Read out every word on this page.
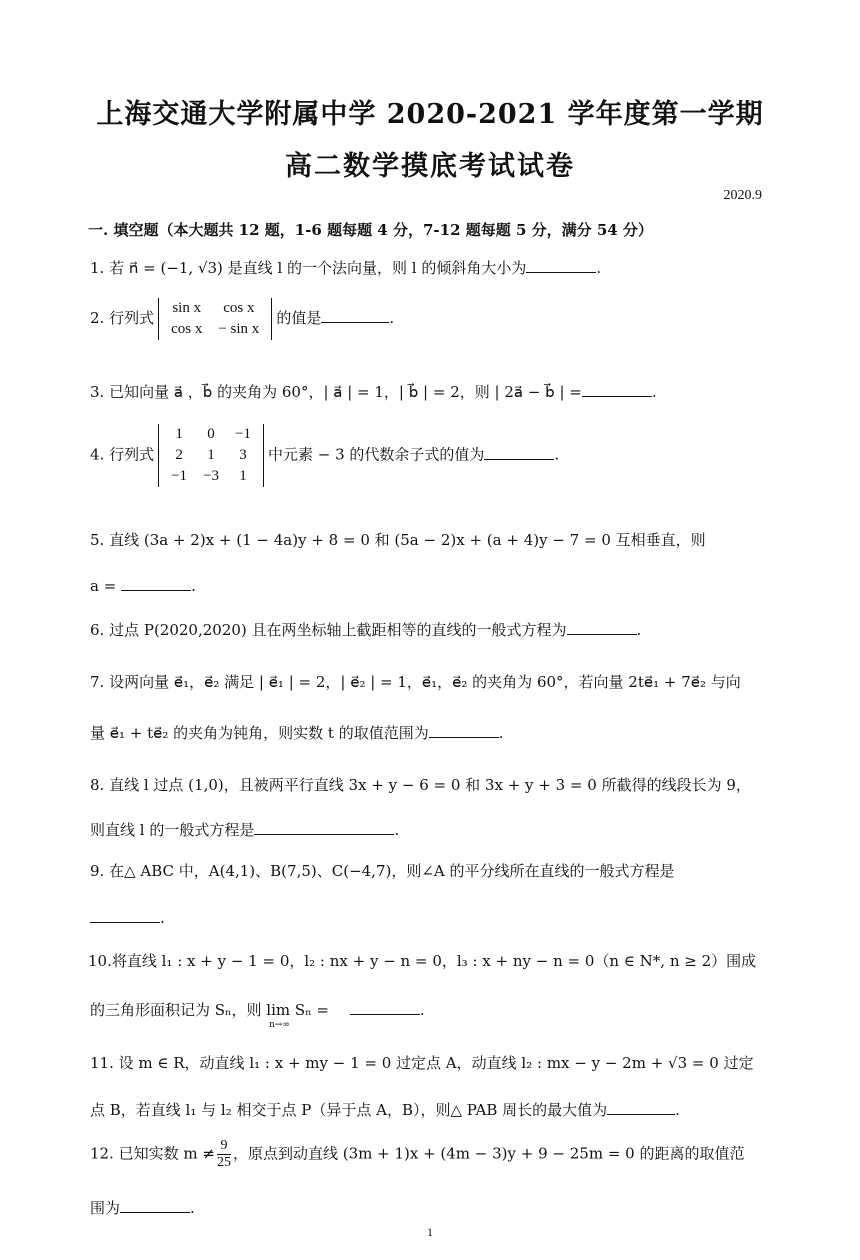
上海交通大学附属中学 2020-2021 学年度第一学期
高二数学摸底考试试卷
2020.9
一. 填空题（本大题共 12 题，1-6 题每题 4 分，7-12 题每题 5 分，满分 54 分）
1. 若 n⃗ = (−1, √3) 是直线 l 的一个法向量，则 l 的倾斜角大小为	.
2. 行列式
sin x	cos x
cos x	− sin x
的值是	.
3. 已知向量 a⃗ ，b⃗ 的夹角为 60°，| a⃗ | = 1，| b⃗ | = 2，则 | 2a⃗ − b⃗ | =	.
4. 行列式
1	0	−1
2	1	3
−1	−3	1
中元素 − 3 的代数余子式的值为	.
5. 直线 (3a + 2)x + (1 − 4a)y + 8 = 0 和 (5a − 2)x + (a + 4)y − 7 = 0 互相垂直，则
a =	.
6. 过点 P(2020,2020) 且在两坐标轴上截距相等的直线的一般式方程为	.
7. 设两向量 e⃗₁，e⃗₂ 满足 | e⃗₁ | = 2，| e⃗₂ | = 1，e⃗₁，e⃗₂ 的夹角为 60°，若向量 2te⃗₁ + 7e⃗₂ 与向
量 e⃗₁ + te⃗₂ 的夹角为钝角，则实数 t 的取值范围为	.
8. 直线 l 过点 (1,0)，且被两平行直线 3x + y − 6 = 0 和 3x + y + 3 = 0 所截得的线段长为 9，
则直线 l 的一般式方程是	.
9. 在△ ABC 中，A(4,1)、B(7,5)、C(−4,7)，则∠A 的平分线所在直线的一般式方程是
.
10.将直线 l₁ : x + y − 1 = 0，l₂ : nx + y − n = 0，l₃ : x + ny − n = 0（n ∈ N*, n ≥ 2）围成
的三角形面积记为 Sₙ，则 $\lim S_n =_{n\to\infty}$.
11. 设 m ∈ R，动直线 l₁ : x + my − 1 = 0 过定点 A，动直线 l₂ : mx − y − 2m + √3 = 0 过定
点 B，若直线 l₁ 与 l₂ 相交于点 P（异于点 A，B），则△ PAB 周长的最大值为	.
12. 已知实数 $m \ne \frac{9}{25}$ ，原点到动直线 (3m + 1)x + (4m − 3)y + 9 − 25m = 0 的距离的取值范
围为	.
1
